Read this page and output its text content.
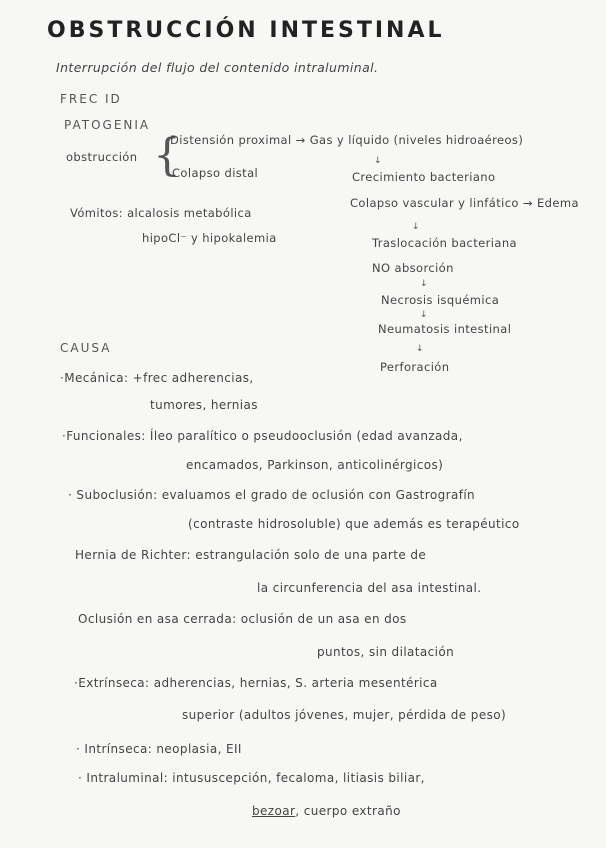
OBSTRUCCIÓN INTESTINAL
Interrupción del flujo del contenido intraluminal.
FREC ID
PATOGENIA
obstrucción {
Distensión proximal → Gas y líquido (niveles hidroaéreos)
Colapso distal
↓
Crecimiento bacteriano
Colapso vascular y linfático → Edema
↓
Traslocación bacteriana
NO absorción
↓
Necrosis isquémica
↓
Neumatosis intestinal
↓
Perforación
Vómitos: alcalosis metabólica
hipoCl⁻ y hipokalemia
CAUSA
·Mecánica: +frec adherencias,
tumores, hernias
·Funcionales: Íleo paralítico o pseudooclusión (edad avanzada,
encamados, Parkinson, anticolinérgicos)
· Suboclusión: evaluamos el grado de oclusión con Gastrografín
(contraste hidrosoluble) que además es terapéutico
Hernia de Richter: estrangulación solo de una parte de
la circunferencia del asa intestinal.
Oclusión en asa cerrada: oclusión de un asa en dos
puntos, sin dilatación
·Extrínseca: adherencias, hernias, S. arteria mesentérica
superior (adultos jóvenes, mujer, pérdida de peso)
· Intrínseca: neoplasia, EII
· Intraluminal: intususcepción, fecaloma, litiasis biliar,
bezoar, cuerpo extraño
